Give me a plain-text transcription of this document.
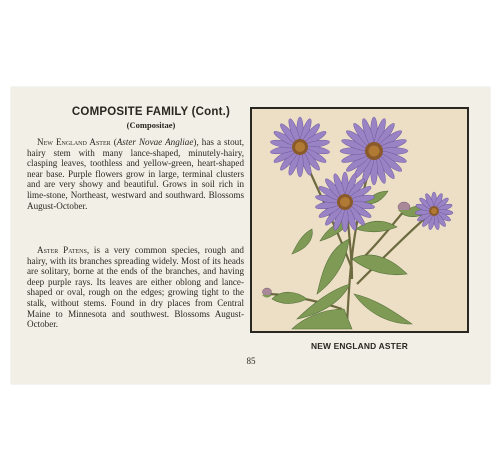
COMPOSITE FAMILY (Cont.)
(Compositae)

New England Aster (Aster Novae Angliae), has a stout, hairy stem with many lance-shaped, minutely-hairy, clasping leaves, toothless and yellow-green, heart-shaped near base. Purple flowers grow in large, terminal clusters and are very showy and beautiful. Grows in soil rich in lime-stone, Northeast, westward and southward. Blossoms August-October.

Aster Patens, is a very common species, rough and hairy, with its branches spreading widely. Most of its heads are solitary, borne at the ends of the branches, and having deep purple rays. Its leaves are either oblong and lance-shaped or oval, rough on the edges; growing tight to the stalk, without stems. Found in dry places from Central Maine to Minnesota and southwest. Blossoms August-October.

85
NEW ENGLAND ASTER
